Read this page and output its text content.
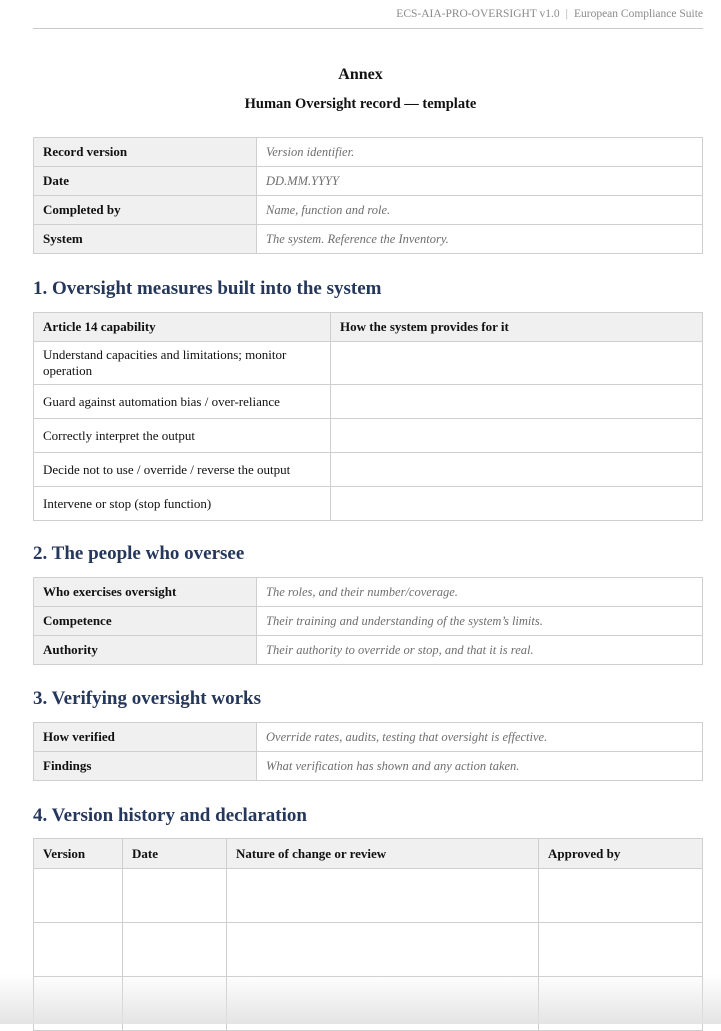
ECS-AIA-PRO-OVERSIGHT v1.0 | European Compliance Suite
Annex
Human Oversight record — template
Record version	Version identifier.
Date	DD.MM.YYYY
Completed by	Name, function and role.
System	The system. Reference the Inventory.
1. Oversight measures built into the system
Article 14 capability	How the system provides for it
Understand capacities and limitations; monitor operation	
Guard against automation bias / over-reliance	
Correctly interpret the output	
Decide not to use / override / reverse the output	
Intervene or stop (stop function)	
2. The people who oversee
Who exercises oversight	The roles, and their number/coverage.
Competence	Their training and understanding of the system’s limits.
Authority	Their authority to override or stop, and that it is real.
3. Verifying oversight works
How verified	Override rates, audits, testing that oversight is effective.
Findings	What verification has shown and any action taken.
4. Version history and declaration
Version	Date	Nature of change or review	Approved by
